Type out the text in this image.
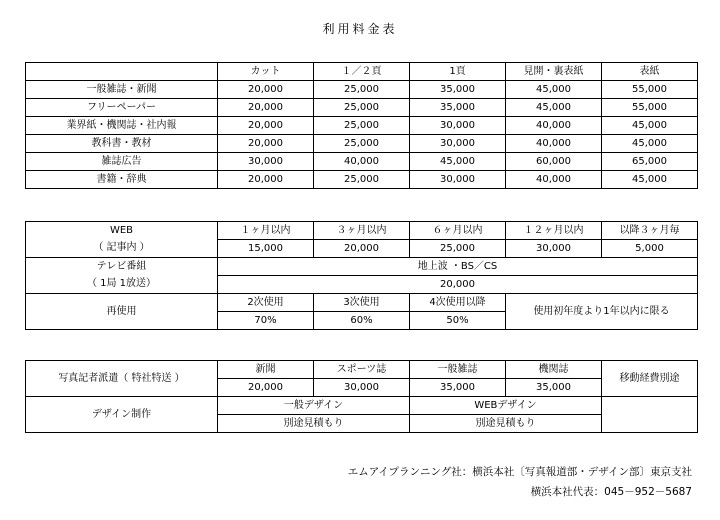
利用料金表
	カット	１／２頁	1頁	見開・裏表紙	表紙
一般雑誌・新聞	20,000	25,000	35,000	45,000	55,000
フリーペーパー	20,000	25,000	35,000	45,000	55,000
業界紙・機関誌・社内報	20,000	25,000	30,000	40,000	45,000
教科書・教材	20,000	25,000	30,000	40,000	45,000
雑誌広告	30,000	40,000	45,000	60,000	65,000
書籍・辞典	20,000	25,000	30,000	40,000	45,000
WEB	１ヶ月以内	３ヶ月以内	６ヶ月以内	１２ヶ月以内	以降３ヶ月毎
（ 記事内 ）	15,000	20,000	25,000	30,000	5,000
テレビ番組	地上波 ・BS／CS				
（ 1局 1放送）	20,000				
再使用	2次使用	3次使用	4次使用以降	使用初年度より1年以内に限る	
	70%	60%	50%		
写真記者派遣（ 特社特送 ）	新聞	スポーツ誌	一般雑誌	機関誌	移動経費別途
	20,000	30,000	35,000	35,000	
デザイン制作	一般デザイン		WEBデザイン		
	別途見積もり		別途見積もり		
エムアイプランニング社：横浜本社〔写真報道部・デザイン部〕東京支社
横浜本社代表：045－952－5687
